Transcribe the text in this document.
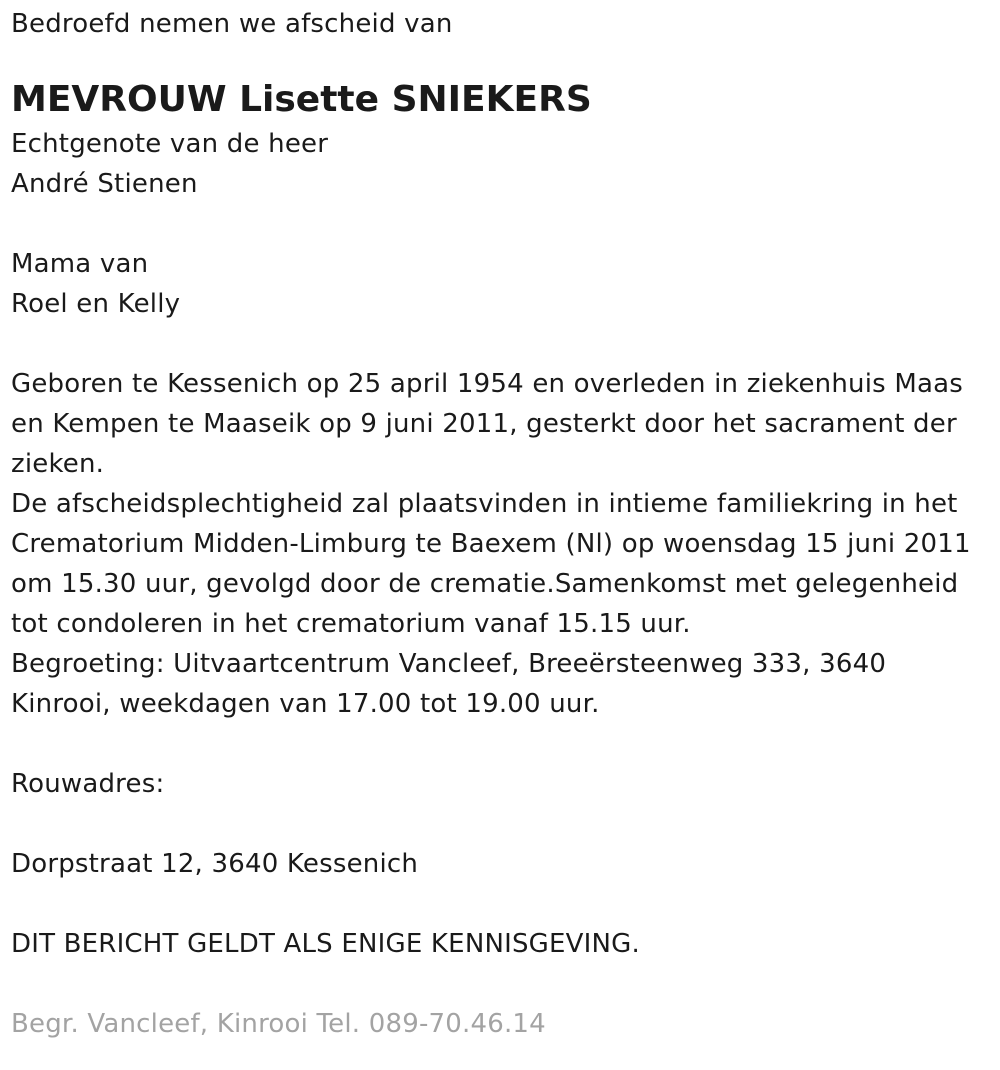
Bedroefd nemen we afscheid van
MEVROUW Lisette SNIEKERS
Echtgenote van de heer
André Stienen
Mama van
Roel en Kelly
Geboren te Kessenich op 25 april 1954 en overleden in ziekenhuis Maas en Kempen te Maaseik op 9 juni 2011, gesterkt door het sacrament der zieken.
De afscheidsplechtigheid zal plaatsvinden in intieme familiekring in het Crematorium Midden-Limburg te Baexem (Nl) op woensdag 15 juni 2011 om 15.30 uur, gevolgd door de crematie.Samenkomst met gelegenheid tot condoleren in het crematorium vanaf 15.15 uur.
Begroeting: Uitvaartcentrum Vancleef, Breeërsteenweg 333, 3640 Kinrooi, weekdagen van 17.00 tot 19.00 uur.
Rouwadres:
Dorpstraat 12, 3640 Kessenich
DIT BERICHT GELDT ALS ENIGE KENNISGEVING.
Begr. Vancleef, Kinrooi Tel. 089-70.46.14
